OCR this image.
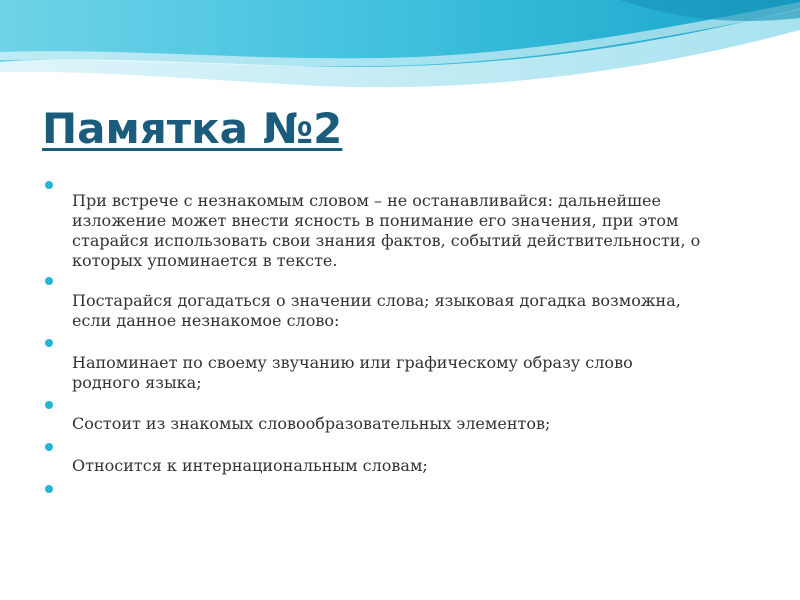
Памятка №2
При встрече с незнакомым словом – не останавливайся: дальнейшее
изложение может внести ясность в понимание его значения, при этом
старайся использовать свои знания фактов, событий действительности, о
которых упоминается в тексте.
Постарайся догадаться о значении слова; языковая догадка возможна,
если данное незнакомое слово:
Напоминает по своему звучанию или графическому образу слово
родного языка;
Состоит из знакомых словообразовательных элементов;
Относится к интернациональным словам;
